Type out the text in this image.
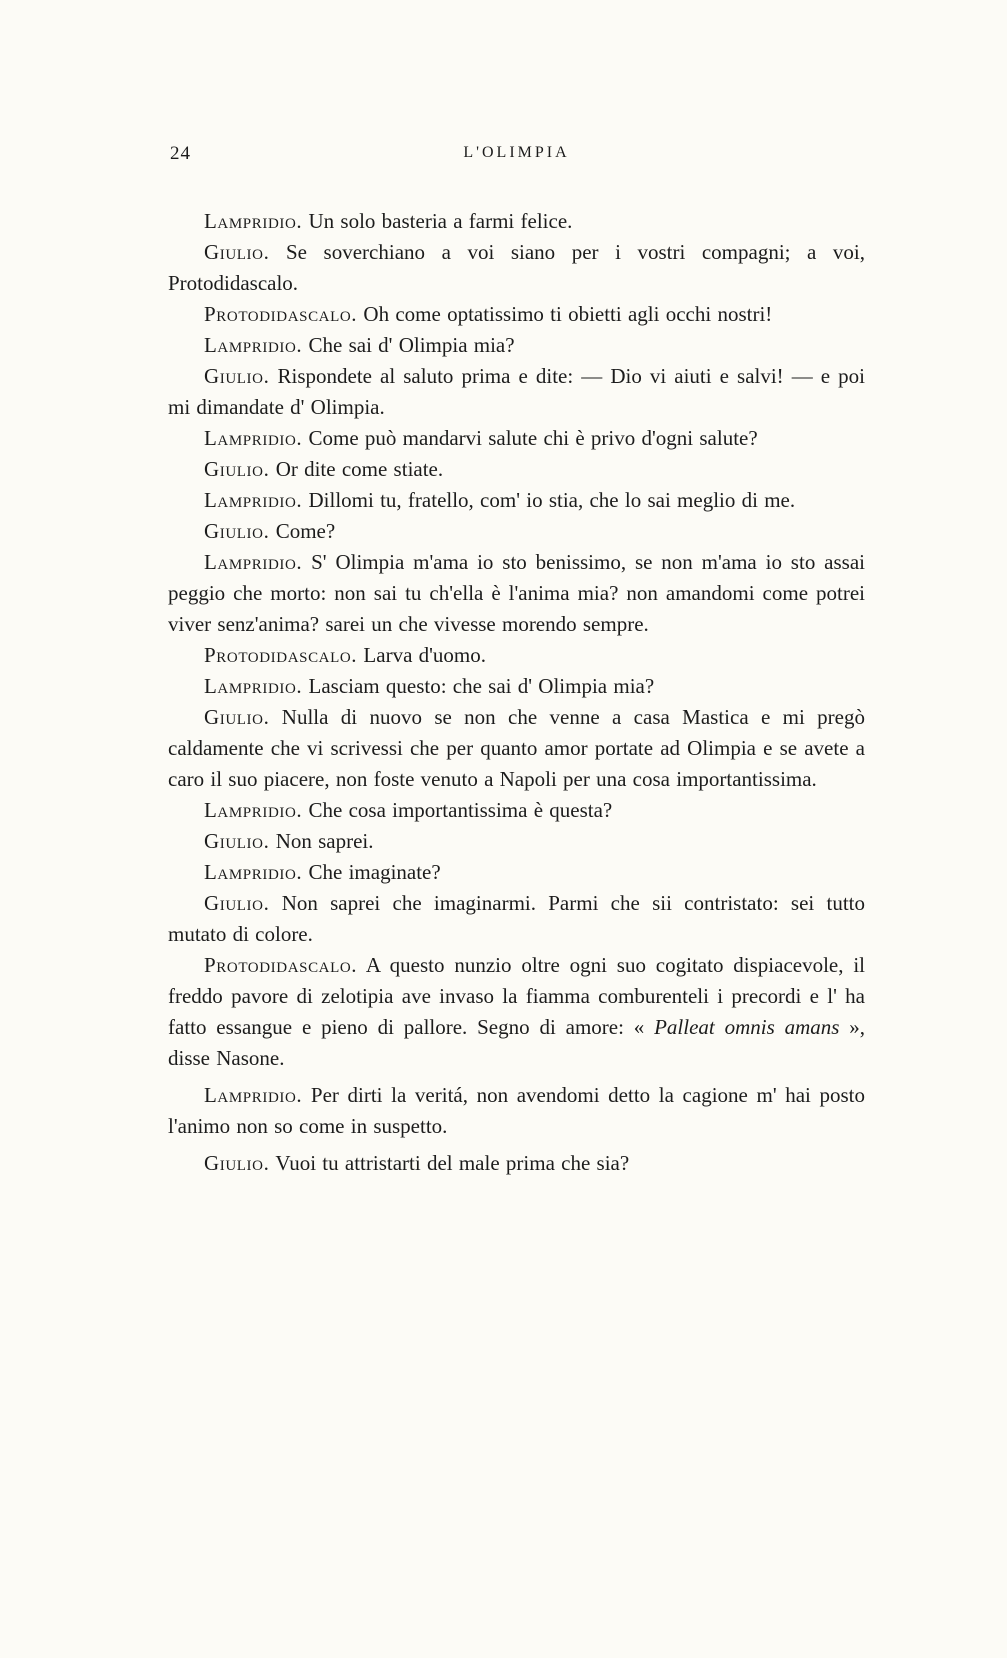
24	L'OLIMPIA

Lampridio. Un solo basteria a farmi felice.

Giulio. Se soverchiano a voi siano per i vostri compagni; a voi, Protodidascalo.

Protodidascalo. Oh come optatissimo ti obietti agli occhi nostri!

Lampridio. Che sai d' Olimpia mia?

Giulio. Rispondete al saluto prima e dite: — Dio vi aiuti e salvi! — e poi mi dimandate d' Olimpia.

Lampridio. Come può mandarvi salute chi è privo d'ogni salute?

Giulio. Or dite come stiate.

Lampridio. Dillomi tu, fratello, com' io stia, che lo sai meglio di me.

Giulio. Come?

Lampridio. S' Olimpia m'ama io sto benissimo, se non m'ama io sto assai peggio che morto: non sai tu ch'ella è l'anima mia? non amandomi come potrei viver senz'anima? sarei un che vivesse morendo sempre.

Protodidascalo. Larva d'uomo.

Lampridio. Lasciam questo: che sai d' Olimpia mia?

Giulio. Nulla di nuovo se non che venne a casa Mastica e mi pregò caldamente che vi scrivessi che per quanto amor portate ad Olimpia e se avete a caro il suo piacere, non foste venuto a Napoli per una cosa importantissima.

Lampridio. Che cosa importantissima è questa?

Giulio. Non saprei.

Lampridio. Che imaginate?

Giulio. Non saprei che imaginarmi. Parmi che sii contristato: sei tutto mutato di colore.

Protodidascalo. A questo nunzio oltre ogni suo cogitato dispiacevole, il freddo pavore di zelotipia ave invaso la fiamma comburenteli i precordi e l' ha fatto essangue e pieno di pallore. Segno di amore: « Palleat omnis amans », disse Nasone.

Lampridio. Per dirti la veritá, non avendomi detto la cagione m' hai posto l'animo non so come in suspetto.

Giulio. Vuoi tu attristarti del male prima che sia?
